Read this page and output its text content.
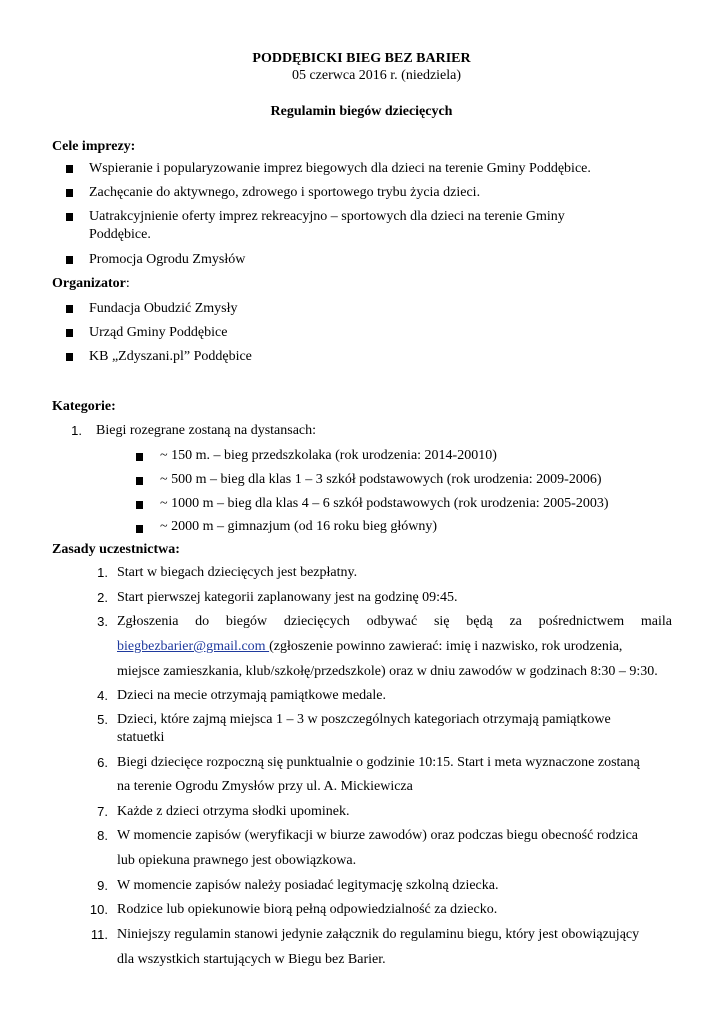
PODDĘBICKI BIEG BEZ BARIER
05 czerwca 2016 r. (niedziela)
Regulamin biegów dziecięcych
Cele imprezy:
Wspieranie i popularyzowanie imprez biegowych dla dzieci na terenie Gminy Poddębice.
Zachęcanie do aktywnego, zdrowego i sportowego trybu życia dzieci.
Uatrakcyjnienie oferty imprez rekreacyjno – sportowych dla dzieci na terenie Gminy
Poddębice.
Promocja Ogrodu Zmysłów
Organizator:
Fundacja Obudzić Zmysły
Urząd Gminy Poddębice
KB „Zdyszani.pl” Poddębice
Kategorie:
1. Biegi rozegrane zostaną na dystansach:
~ 150 m. – bieg przedszkolaka (rok urodzenia: 2014-20010)
~ 500 m – bieg dla klas 1 – 3 szkół podstawowych (rok urodzenia: 2009-2006)
~ 1000 m – bieg dla klas 4 – 6 szkół podstawowych (rok urodzenia: 2005-2003)
~ 2000 m – gimnazjum (od 16 roku bieg główny)
Zasady uczestnictwa:
1. Start w biegach dziecięcych jest bezpłatny.
2. Start pierwszej kategorii zaplanowany jest na godzinę 09:45.
3. Zgłoszenia do biegów dziecięcych odbywać się będą za pośrednictwem maila
biegbezbarier@gmail.com (zgłoszenie powinno zawierać: imię i nazwisko, rok urodzenia,
miejsce zamieszkania, klub/szkołę/przedszkole) oraz w dniu zawodów w godzinach 8:30 – 9:30.
4. Dzieci na mecie otrzymają pamiątkowe medale.
5. Dzieci, które zajmą miejsca 1 – 3 w poszczególnych kategoriach otrzymają pamiątkowe
statuetki
6. Biegi dziecięce rozpoczną się punktualnie o godzinie 10:15. Start i meta wyznaczone zostaną
na terenie Ogrodu Zmysłów przy ul. A. Mickiewicza
7. Każde z dzieci otrzyma słodki upominek.
8. W momencie zapisów (weryfikacji w biurze zawodów) oraz podczas biegu obecność rodzica
lub opiekuna prawnego jest obowiązkowa.
9. W momencie zapisów należy posiadać legitymację szkolną dziecka.
10. Rodzice lub opiekunowie biorą pełną odpowiedzialność za dziecko.
11. Niniejszy regulamin stanowi jedynie załącznik do regulaminu biegu, który jest obowiązujący
dla wszystkich startujących w Biegu bez Barier.
